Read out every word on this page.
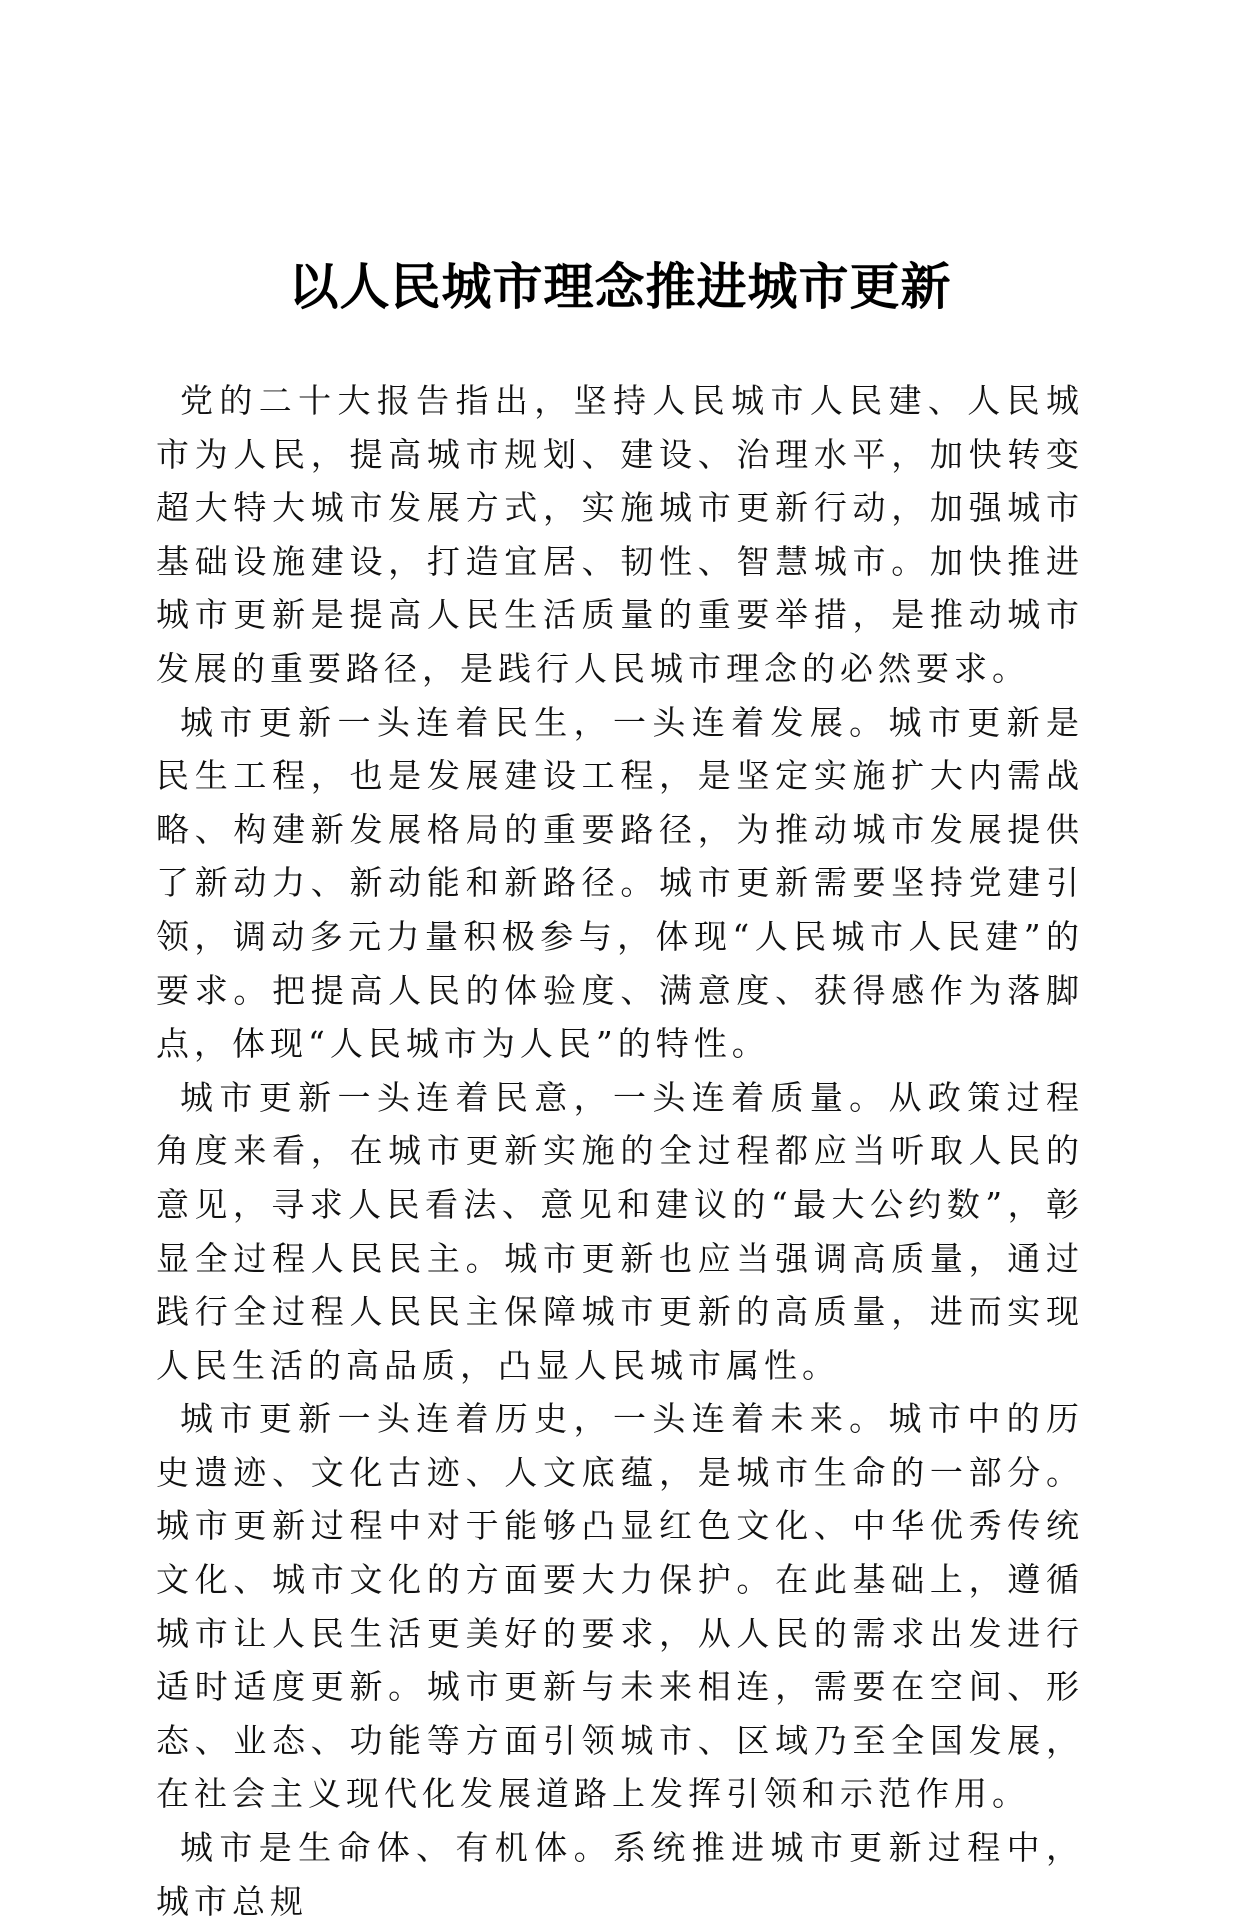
以人民城市理念推进城市更新

党的二十大报告指出，坚持人民城市人民建、人民城市为人民，提高城市规划、建设、治理水平，加快转变超大特大城市发展方式，实施城市更新行动，加强城市基础设施建设，打造宜居、韧性、智慧城市。加快推进城市更新是提高人民生活质量的重要举措，是推动城市发展的重要路径，是践行人民城市理念的必然要求。

城市更新一头连着民生，一头连着发展。城市更新是民生工程，也是发展建设工程，是坚定实施扩大内需战略、构建新发展格局的重要路径，为推动城市发展提供了新动力、新动能和新路径。城市更新需要坚持党建引领，调动多元力量积极参与，体现“人民城市人民建”的要求。把提高人民的体验度、满意度、获得感作为落脚点，体现“人民城市为人民”的特性。

城市更新一头连着民意，一头连着质量。从政策过程角度来看，在城市更新实施的全过程都应当听取人民的意见，寻求人民看法、意见和建议的“最大公约数”，彰显全过程人民民主。城市更新也应当强调高质量，通过践行全过程人民民主保障城市更新的高质量，进而实现人民生活的高品质，凸显人民城市属性。

城市更新一头连着历史，一头连着未来。城市中的历史遗迹、文化古迹、人文底蕴，是城市生命的一部分。城市更新过程中对于能够凸显红色文化、中华优秀传统文化、城市文化的方面要大力保护。在此基础上，遵循城市让人民生活更美好的要求，从人民的需求出发进行适时适度更新。城市更新与未来相连，需要在空间、形态、业态、功能等方面引领城市、区域乃至全国发展，在社会主义现代化发展道路上发挥引领和示范作用。

城市是生命体、有机体。系统推进城市更新过程中，城市总规
